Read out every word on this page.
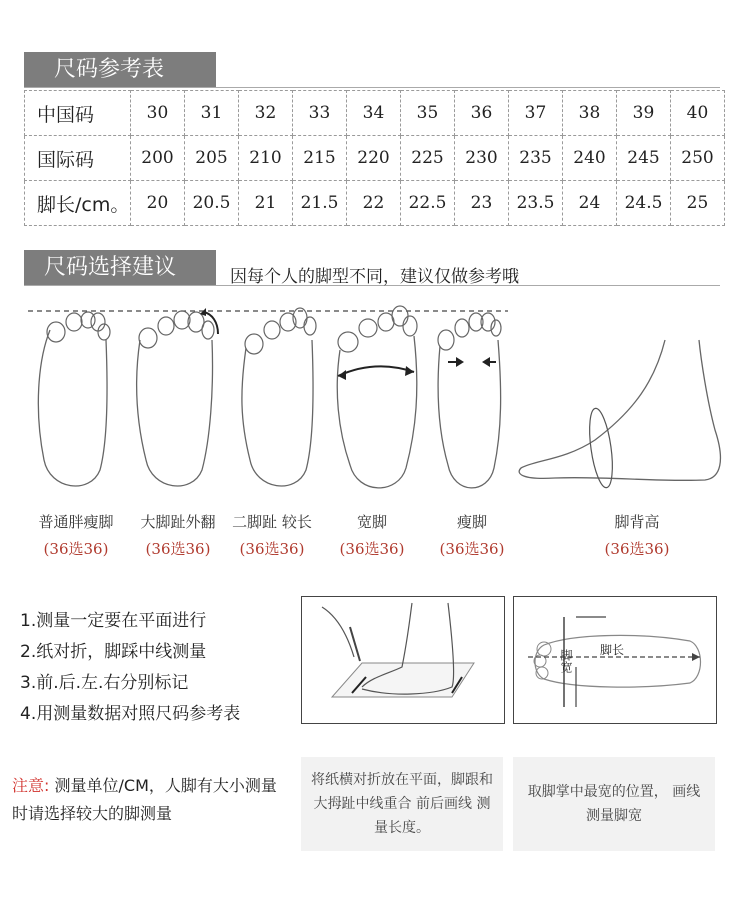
尺码参考表
中国码	30	31	32	33	34	35	36	37	38	39	40
国际码	200	205	210	215	220	225	230	235	240	245	250
脚长/cm。	20	20.5	21	21.5	22	22.5	23	23.5	24	24.5	25
尺码选择建议	因每个人的脚型不同，建议仅做参考哦
普通胖瘦脚
(36选36)
大脚趾外翻
(36选36)
二脚趾 较长
(36选36)
宽脚
(36选36)
瘦脚
(36选36)
脚背高
(36选36)
1.测量一定要在平面进行
2.纸对折，脚踩中线测量
3.前.后.左.右分别标记
4.用测量数据对照尺码参考表
脚长
脚宽
注意: 测量单位/CM，人脚有大小测量时请选择较大的脚测量
将纸横对折放在平面，脚跟和大拇趾中线重合 前后画线 测量长度。
取脚掌中最宽的位置， 画线测量脚宽
